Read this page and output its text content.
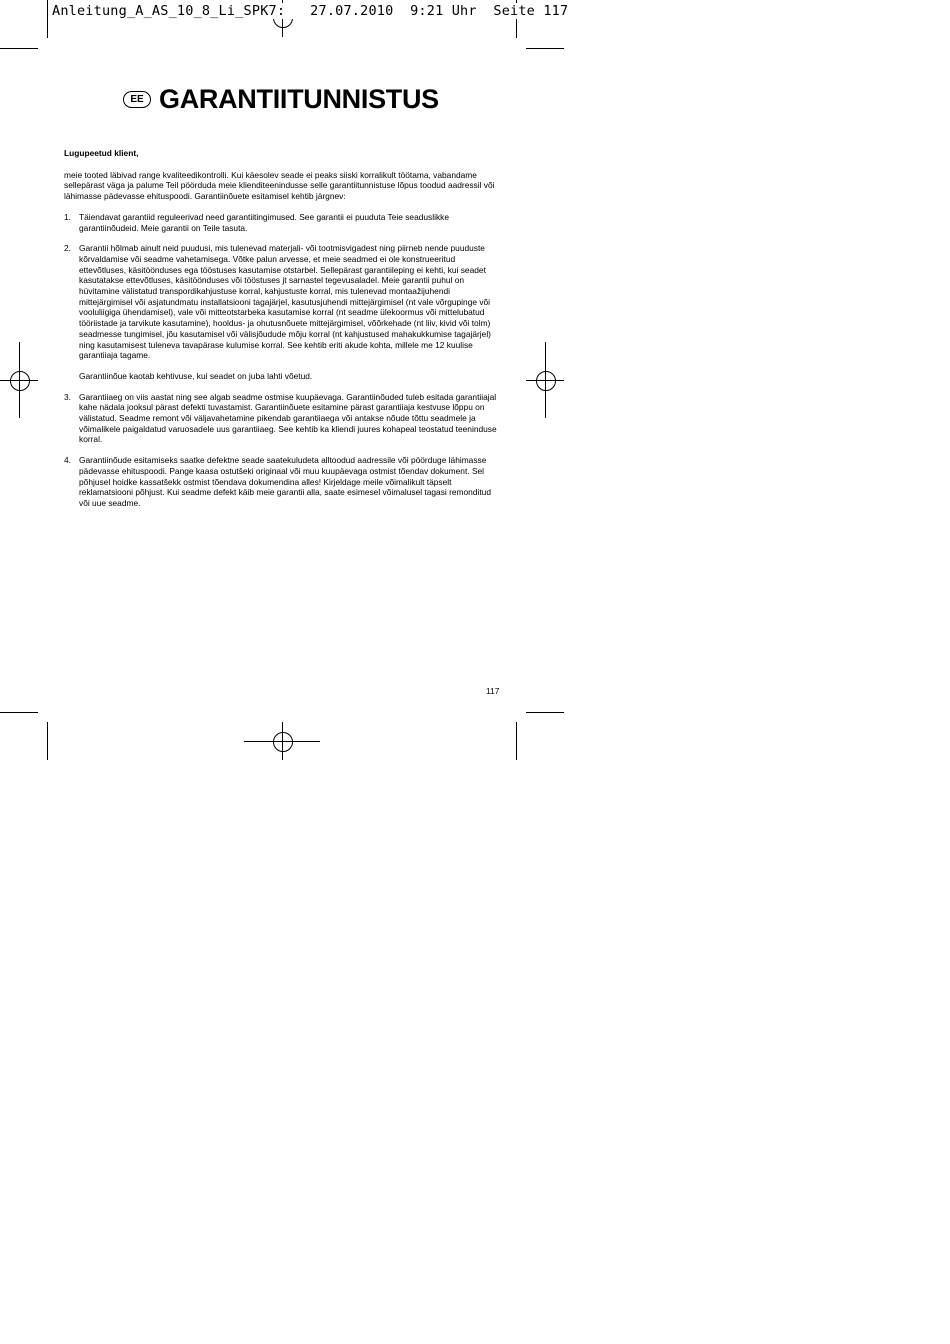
Anleitung_A_AS_10_8_Li_SPK7:   27.07.2010  9:21 Uhr  Seite 117
EE GARANTIITUNNISTUS

Lugupeetud klient,

meie tooted läbivad range kvaliteedikontrolli. Kui käesolev seade ei peaks siiski korralikult töötama, vabandame sellepärast väga ja palume Teil pöörduda meie klienditeenindusse selle garantiitunnistuse lõpus toodud aadressil või lähimasse pädevasse ehituspoodi. Garantiinõuete esitamisel kehtib järgnev:

1. Täiendavat garantiid reguleerivad need garantiitingimused. See garantii ei puuduta Teie seaduslikke garantiinõudeid. Meie garantii on Teile tasuta.
2. Garantii hõlmab ainult neid puudusi, mis tulenevad materjali- või tootmisvigadest ning piirneb nende puuduste kõrvaldamise või seadme vahetamisega. Võtke palun arvesse, et meie seadmed ei ole konstrueeritud ettevõtluses, käsitöönduses ega tööstuses kasutamise otstarbel. Sellepärast garantiileping ei kehti, kui seadet kasutatakse ettevõtluses, käsitöönduses või tööstuses jt sarnastel tegevusaladel. Meie garantii puhul on hüvitamine välistatud transpordikahjustuse korral, kahjustuste korral, mis tulenevad montaažijuhendi mittejärgimisel või asjatundmatu installatsiooni tagajärjel, kasutusjuhendi mittejärgimisel (nt vale võrgupinge või vooluliigiga ühendamisel), vale või mitteotstarbeka kasutamise korral (nt seadme ülekoormus või mittelubatud tööriistade ja tarvikute kasutamine), hooldus- ja ohutusnõuete mittejärgimisel, võõrkehade (nt liiv, kivid või tolm) seadmesse tungimisel, jõu kasutamisel või välisjõudude mõju korral (nt kahjustused mahakukkumise tagajärjel) ning kasutamisest tuleneva tavapärase kulumise korral. See kehtib eriti akude kohta, millele me 12 kuulise garantiiaja tagame.
Garantiinõue kaotab kehtivuse, kui seadet on juba lahti võetud.
3. Garantiiaeg on viis aastat ning see algab seadme ostmise kuupäevaga. Garantiinõuded tuleb esitada garantiiajal kahe nädala jooksul pärast defekti tuvastamist. Garantiinõuete esitamine pärast garantiiaja kestvuse lõppu on välistatud. Seadme remont või väljavahetamine pikendab garantiiaega või antakse nõude tõttu seadmele ja võimalikele paigaldatud varuosadele uus garantiiaeg. See kehtib ka kliendi juures kohapeal teostatud teeninduse korral.
4. Garantiinõude esitamiseks saatke defektne seade saatekuludeta alltoodud aadressile või pöörduge lähimasse pädevasse ehituspoodi. Pange kaasa ostutšeki originaal või muu kuupäevaga ostmist tõendav dokument. Sel põhjusel hoidke kassatšekk ostmist tõendava dokumendina alles! Kirjeldage meile võimalikult täpselt reklamatsiooni põhjust. Kui seadme defekt käib meie garantii alla, saate esimesel võimalusel tagasi remonditud või uue seadme.
117
